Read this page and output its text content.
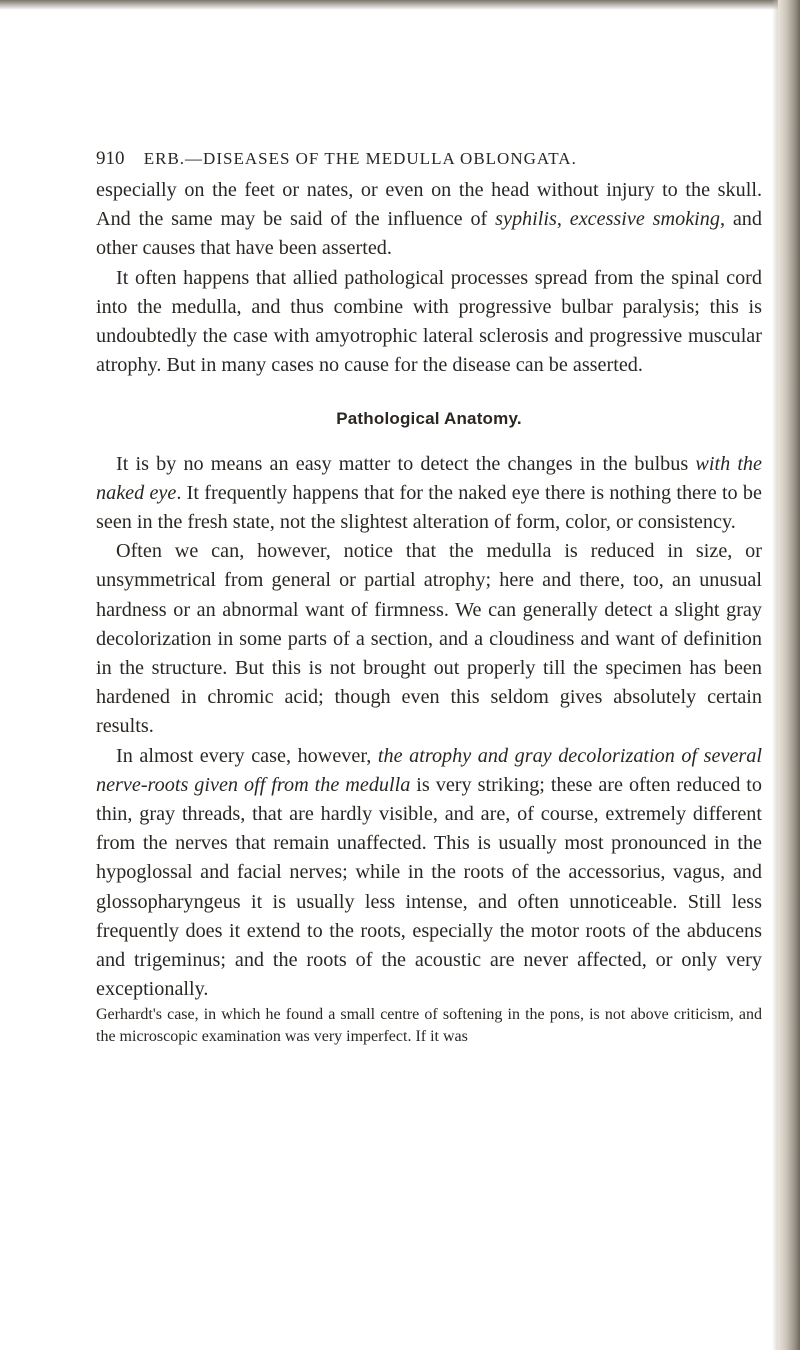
910 ERB.—DISEASES OF THE MEDULLA OBLONGATA.

especially on the feet or nates, or even on the head without injury to the skull. And the same may be said of the influence of syphilis, excessive smoking, and other causes that have been asserted.

It often happens that allied pathological processes spread from the spinal cord into the medulla, and thus combine with progressive bulbar paralysis; this is undoubtedly the case with amyotrophic lateral sclerosis and progressive muscular atrophy. But in many cases no cause for the disease can be asserted.

Pathological Anatomy.

It is by no means an easy matter to detect the changes in the bulbus with the naked eye. It frequently happens that for the naked eye there is nothing there to be seen in the fresh state, not the slightest alteration of form, color, or consistency.

Often we can, however, notice that the medulla is reduced in size, or unsymmetrical from general or partial atrophy; here and there, too, an unusual hardness or an abnormal want of firmness. We can generally detect a slight gray decolorization in some parts of a section, and a cloudiness and want of definition in the structure. But this is not brought out properly till the specimen has been hardened in chromic acid; though even this seldom gives absolutely certain results.

In almost every case, however, the atrophy and gray decolorization of several nerve-roots given off from the medulla is very striking; these are often reduced to thin, gray threads, that are hardly visible, and are, of course, extremely different from the nerves that remain unaffected. This is usually most pronounced in the hypoglossal and facial nerves; while in the roots of the accessorius, vagus, and glossopharyngeus it is usually less intense, and often unnoticeable. Still less frequently does it extend to the roots, especially the motor roots of the abducens and trigeminus; and the roots of the acoustic are never affected, or only very exceptionally.

Gerhardt's case, in which he found a small centre of softening in the pons, is not above criticism, and the microscopic examination was very imperfect. If it was
